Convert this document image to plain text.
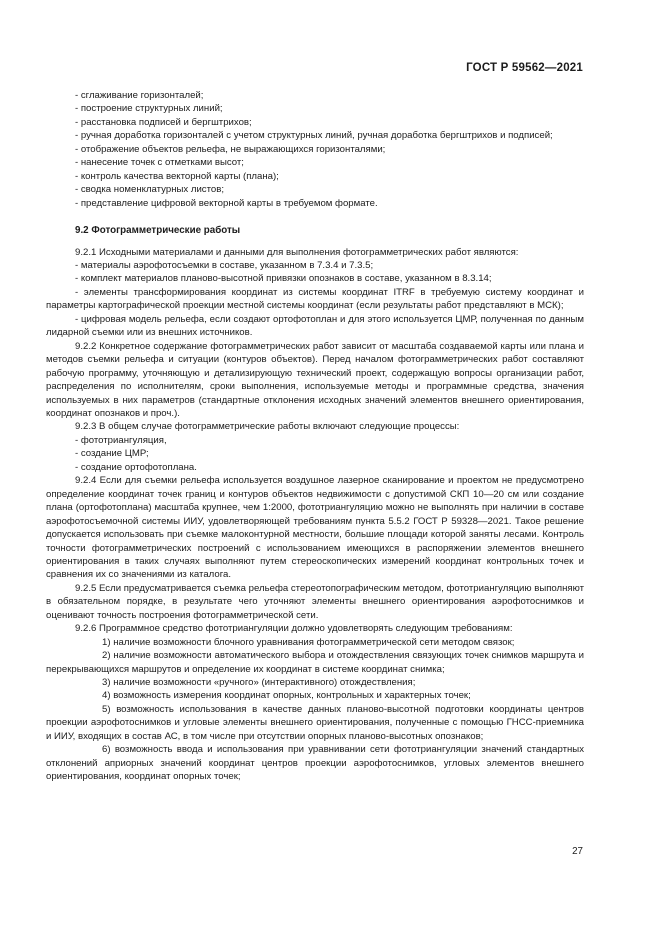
ГОСТ Р 59562—2021

- сглаживание горизонталей;

- построение структурных линий;

- расстановка подписей и бергштрихов;

- ручная доработка горизонталей с учетом структурных линий, ручная доработка бергштрихов и подписей;

- отображение объектов рельефа, не выражающихся горизонталями;

- нанесение точек с отметками высот;

- контроль качества векторной карты (плана);

- сводка номенклатурных листов;

- представление цифровой векторной карты в требуемом формате.

9.2 Фотограмметрические работы

9.2.1 Исходными материалами и данными для выполнения фотограмметрических работ являются:

- материалы аэрофотосъемки в составе, указанном в 7.3.4 и 7.3.5;

- комплект материалов планово-высотной привязки опознаков в составе, указанном в 8.3.14;

- элементы трансформирования координат из системы координат ITRF в требуемую систему координат и параметры картографической проекции местной системы координат (если результаты работ представляют в МСК);

- цифровая модель рельефа, если создают ортофотоплан и для этого используется ЦМР, полученная по данным лидарной съемки или из внешних источников.

9.2.2 Конкретное содержание фотограмметрических работ зависит от масштаба создаваемой карты или плана и методов съемки рельефа и ситуации (контуров объектов). Перед началом фотограмметрических работ составляют рабочую программу, уточняющую и детализирующую технический проект, содержащую вопросы организации работ, распределения по исполнителям, сроки выполнения, используемые методы и программные средства, значения используемых в них параметров (стандартные отклонения исходных значений элементов внешнего ориентирования, координат опознаков и проч.).

9.2.3 В общем случае фотограмметрические работы включают следующие процессы:

- фототриангуляция,

- создание ЦМР;

- создание ортофотоплана.

9.2.4 Если для съемки рельефа используется воздушное лазерное сканирование и проектом не предусмотрено определение координат точек границ и контуров объектов недвижимости с допустимой СКП 10—20 см или создание плана (ортофотоплана) масштаба крупнее, чем 1:2000, фототриангуляцию можно не выполнять при наличии в составе аэрофотосъемочной системы ИИУ, удовлетворяющей требованиям пункта 5.5.2 ГОСТ Р 59328—2021. Такое решение допускается использовать при съемке малоконтурной местности, большие площади которой заняты лесами. Контроль точности фотограмметрических построений с использованием имеющихся в распоряжении элементов внешнего ориентирования в таких случаях выполняют путем стереоскопических измерений координат контрольных точек и сравнения их со значениями из каталога.

9.2.5 Если предусматривается съемка рельефа стереотопографическим методом, фототриангуляцию выполняют в обязательном порядке, в результате чего уточняют элементы внешнего ориентирования аэрофотоснимков и оценивают точность построения фотограмметрической сети.

9.2.6 Программное средство фототриангуляции должно удовлетворять следующим требованиям:

1) наличие возможности блочного уравнивания фотограмметрической сети методом связок;

2) наличие возможности автоматического выбора и отождествления связующих точек снимков маршрута и перекрывающихся маршрутов и определение их координат в системе координат снимка;

3) наличие возможности «ручного» (интерактивного) отождествления;

4) возможность измерения координат опорных, контрольных и характерных точек;

5) возможность использования в качестве данных планово-высотной подготовки координаты центров проекции аэрофотоснимков и угловые элементы внешнего ориентирования, полученные с помощью ГНСС-приемника и ИИУ, входящих в состав АС, в том числе при отсутствии опорных планово-высотных опознаков;

6) возможность ввода и использования при уравнивании сети фототриангуляции значений стандартных отклонений априорных значений координат центров проекции аэрофотоснимков, угловых элементов внешнего ориентирования, координат опорных точек;

27
